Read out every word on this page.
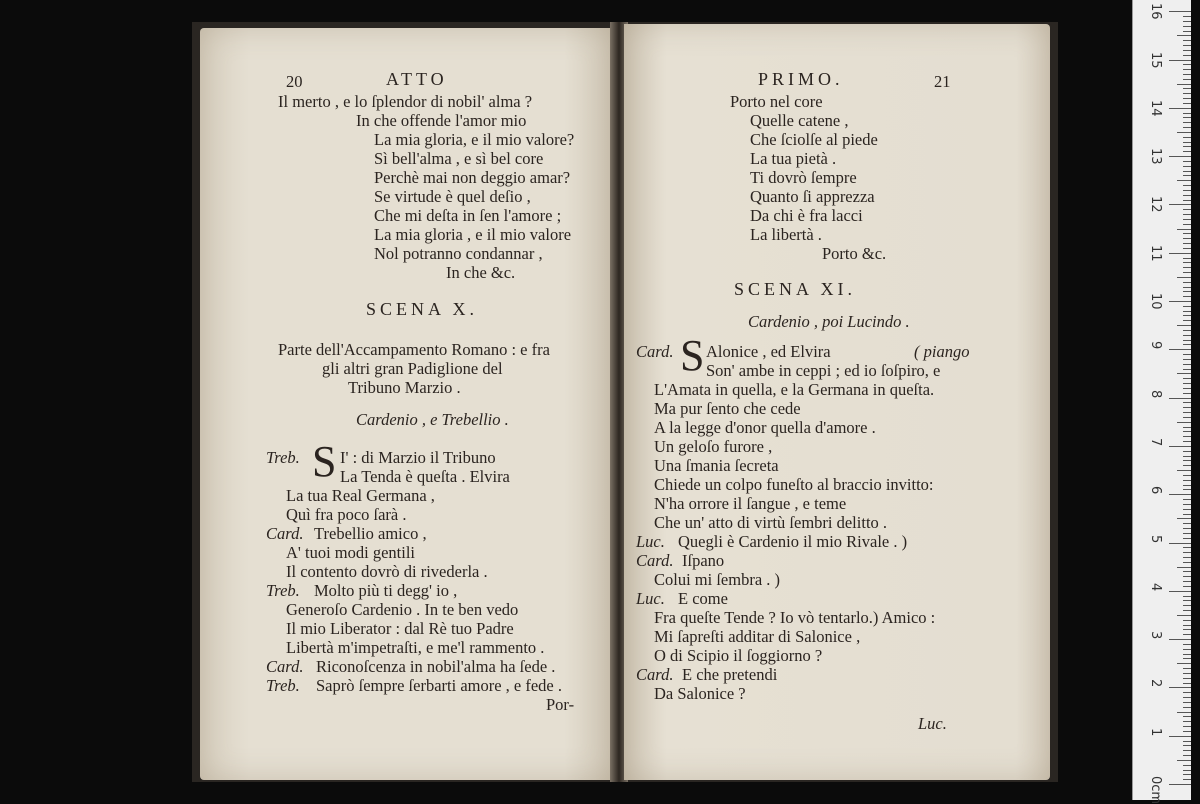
20	ATTO
Il merto , e lo ſplendor di nobil' alma ?
In che offende l'amor mio
La mia gloria, e il mio valore?
Sì bell'alma , e sì bel core
Perchè mai non deggio amar?
Se virtude è quel deſio ,
Che mi deſta in ſen l'amore ;
La mia gloria , e il mio valore
Nol potranno condannar ,
In che &c.
SCENA X.
Parte dell'Accampamento Romano : e fra
gli altri gran Padiglione del
Tribuno Marzio .
Cardenio , e Trebellio .
Treb. S I' : di Marzio il Tribuno
La Tenda è queſta . Elvira
La tua Real Germana ,
Quì fra poco ſarà .
Card. Trebellio amico ,
A' tuoi modi gentili
Il contento dovrò di rivederla .
Treb. Molto più ti degg' io ,
Generoſo Cardenio . In te ben vedo
Il mio Liberator : dal Rè tuo Padre
Libertà m'impetraſti, e me'l rammento .
Card. Riconoſcenza in nobil'alma ha ſede .
Treb. Saprò ſempre ſerbarti amore , e fede .
Por-
PRIMO.	21
Porto nel core
Quelle catene ,
Che ſciolſe al piede
La tua pietà .
Ti dovrò ſempre
Quanto ſi apprezza
Da chi è fra lacci
La libertà .
Porto &c.
SCENA XI.
Cardenio , poi Lucindo .
Card. S Alonice , ed Elvira	( piango
Son' ambe in ceppi ; ed io ſoſpiro, e
L'Amata in quella, e la Germana in queſta.
Ma pur ſento che cede
A la legge d'onor quella d'amore .
Un geloſo furore ,
Una ſmania ſecreta
Chiede un colpo funeſto al braccio invitto:
N'ha orrore il ſangue , e teme
Che un' atto di virtù ſembri delitto .
Luc. Quegli è Cardenio il mio Rivale . )
Card. Iſpano
Colui mi ſembra . )
Luc. E come
Fra queſte Tende ? Io vò tentarlo.) Amico :
Mi ſapreſti additar di Salonice ,
O di Scipio il ſoggiorno ?
Card. E che pretendi
Da Salonice ?
Luc.
0cm
1
2
3
4
5
6
7
8
9
10
11
12
13
14
15
16
